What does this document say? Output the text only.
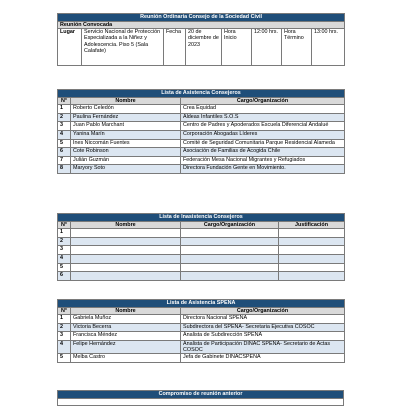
Reunión Ordinaria Consejo de la Sociedad Civil
Reunión Convocada
Lugar	Servicio Nacional de Protección Especializada a la Niñez y Adolescencia. Piso 5 (Sala Calafate)	Fecha	20 de diciembre de 2023	Hora Inicio	12:00 hrs.	Hora Término	13:00 hrs.
Lista de Asistencia Consejeros		
N°	Nombre	Cargo/Organización
1	Roberto Celedón	Crea Equidad
2	Paulina Fernández	Aldeas Infantiles S.O.S
3	Juan Pablo Marchant	Centro de Padres y Apoderados Escuela Diferencial Andalué
4	Yanina Marín	Corporación Abogadas Líderes
5	Ines Niccomán Fuentes	Comité de Seguridad Comunitaria Parque Residencial Alameda
6	Cote Robinson	Asociación de Familias de Acogida Chile
7	Julián Guzmán	Federación Mesa Nacional Migrantes y Refugiados
8	Maryory Soto	Directora Fundación Gente en Movimiento.
Lista de Inasistencia Consejeros			
N°	Nombre	Cargo/Organización	Justificación
1			
2			
3			
4			
5			
6			
Lista de Asistencia SPENA		
N°	Nombre	Cargo/Organización
1	Gabriela Muñoz	Directora Nacional SPENA
2	Victoria Becerra	Subdirectora del SPENA- Secretaria Ejecutiva COSOC
3	Francisca Méndez	Analista de Subdirección SPENA
4	Felipe Hernández	Analista de Participación DINAC SPENA- Secretario de Actas COSOC
5	Melba Castro	Jefa de Gabinete DINACSPENA
Compromiso de reunión anterior
